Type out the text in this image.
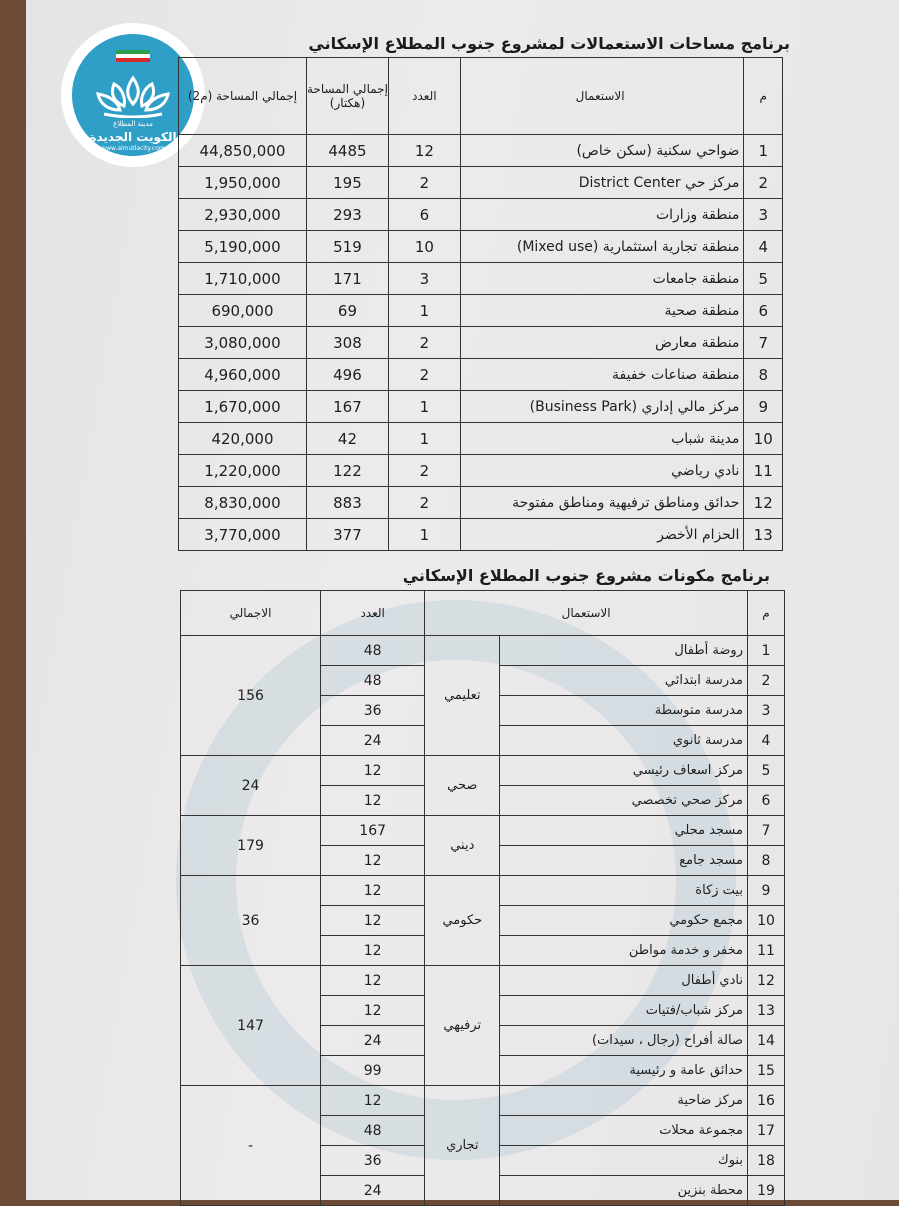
مدينة المطلاع
الكويت الجديدة
www.almutlacity.com
برنامج مساحات الاستعمالات لمشروع جنوب المطلاع الإسكاني
إجمالي المساحة (م2)	إجمالي المساحة (هكتار)	العدد	الاستعمال	م
44,850,000	4485	12	ضواحي سكنية (سكن خاص)	1
1,950,000	195	2	مركز حي District Center	2
2,930,000	293	6	منطقة وزارات	3
5,190,000	519	10	منطقة تجارية استثمارية (Mixed use)	4
1,710,000	171	3	منطقة جامعات	5
690,000	69	1	منطقة صحية	6
3,080,000	308	2	منطقة معارض	7
4,960,000	496	2	منطقة صناعات خفيفة	8
1,670,000	167	1	مركز مالي إداري (Business Park)	9
420,000	42	1	مدينة شباب	10
1,220,000	122	2	نادي رياضي	11
8,830,000	883	2	حدائق ومناطق ترفيهية ومناطق مفتوحة	12
3,770,000	377	1	الحزام الأخضر	13
برنامج مكونات مشروع جنوب المطلاع الإسكاني
الاجمالي	العدد	الاستعمال		م
156	48	تعليمي	روضة أطفال	1
	48		مدرسة ابتدائي	2
	36		مدرسة متوسطة	3
	24		مدرسة ثانوي	4
24	12	صحي	مركز اسعاف رئيسي	5
	12		مركز صحي تخصصي	6
179	167	ديني	مسجد محلي	7
	12		مسجد جامع	8
36	12	حكومي	بيت زكاة	9
	12		مجمع حكومي	10
	12		مخفر و خدمة مواطن	11
147	12	ترفيهي	نادي أطفال	12
	12		مركز شباب/فتيات	13
	24		صالة أفراح (رجال ، سيدات)	14
	99		حدائق عامة و رئيسية	15
-	12	تجاري	مركز ضاحية	16
	48		مجموعة محلات	17
	36		بنوك	18
	24		محطة بنزين	19
